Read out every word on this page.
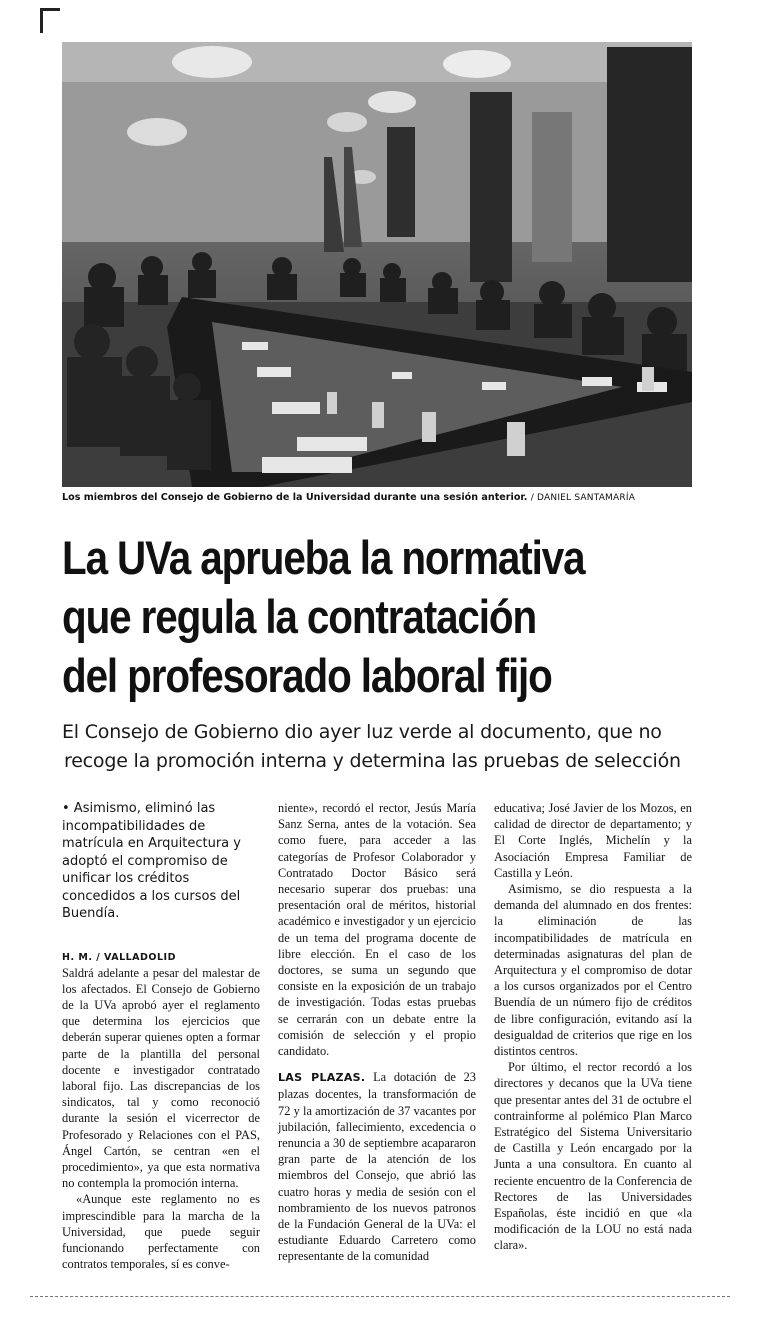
Los miembros del Consejo de Gobierno de la Universidad durante una sesión anterior. / DANIEL SANTAMARÍA
La UVa aprueba la normativa
que regula la contratación
del profesorado laboral fijo
El Consejo de Gobierno dio ayer luz verde al documento, que no
recoge la promoción interna y determina las pruebas de selección

• Asimismo, eliminó las incompatibilidades de matrícula en Arquitectura y adoptó el compromiso de unificar los créditos concedidos a los cursos del Buendía.

H. M. / VALLADOLID

Saldrá adelante a pesar del malestar de los afectados. El Consejo de Gobierno de la UVa aprobó ayer el reglamento que determina los ejercicios que deberán superar quienes opten a formar parte de la plantilla del personal docente e investigador contratado laboral fijo. Las discrepancias de los sindicatos, tal y como reconoció durante la sesión el vicerrector de Profesorado y Relaciones con el PAS, Ángel Cartón, se centran «en el procedimiento», ya que esta normativa no contempla la promoción interna.

«Aunque este reglamento no es imprescindible para la marcha de la Universidad, que puede seguir funcionando perfectamente con contratos temporales, sí es conve-

niente», recordó el rector, Jesús María Sanz Serna, antes de la votación. Sea como fuere, para acceder a las categorías de Profesor Colaborador y Contratado Doctor Básico será necesario superar dos pruebas: una presentación oral de méritos, historial académico e investigador y un ejercicio de un tema del programa docente de libre elección. En el caso de los doctores, se suma un segundo que consiste en la exposición de un trabajo de investigación. Todas estas pruebas se cerrarán con un debate entre la comisión de selección y el propio candidato.

LAS PLAZAS. La dotación de 23 plazas docentes, la transformación de 72 y la amortización de 37 vacantes por jubilación, fallecimiento, excedencia o renuncia a 30 de septiembre acapararon gran parte de la atención de los miembros del Consejo, que abrió las cuatro horas y media de sesión con el nombramiento de los nuevos patronos de la Fundación General de la UVa: el estudiante Eduardo Carretero como representante de la comunidad

educativa; José Javier de los Mozos, en calidad de director de departamento; y El Corte Inglés, Michelín y la Asociación Empresa Familiar de Castilla y León.

Asimismo, se dio respuesta a la demanda del alumnado en dos frentes: la eliminación de las incompatibilidades de matrícula en determinadas asignaturas del plan de Arquitectura y el compromiso de dotar a los cursos organizados por el Centro Buendía de un número fijo de créditos de libre configuración, evitando así la desigualdad de criterios que rige en los distintos centros.

Por último, el rector recordó a los directores y decanos que la UVa tiene que presentar antes del 31 de octubre el contrainforme al polémico Plan Marco Estratégico del Sistema Universitario de Castilla y León encargado por la Junta a una consultora. En cuanto al reciente encuentro de la Conferencia de Rectores de las Universidades Españolas, éste incidió en que «la modificación de la LOU no está nada clara».
